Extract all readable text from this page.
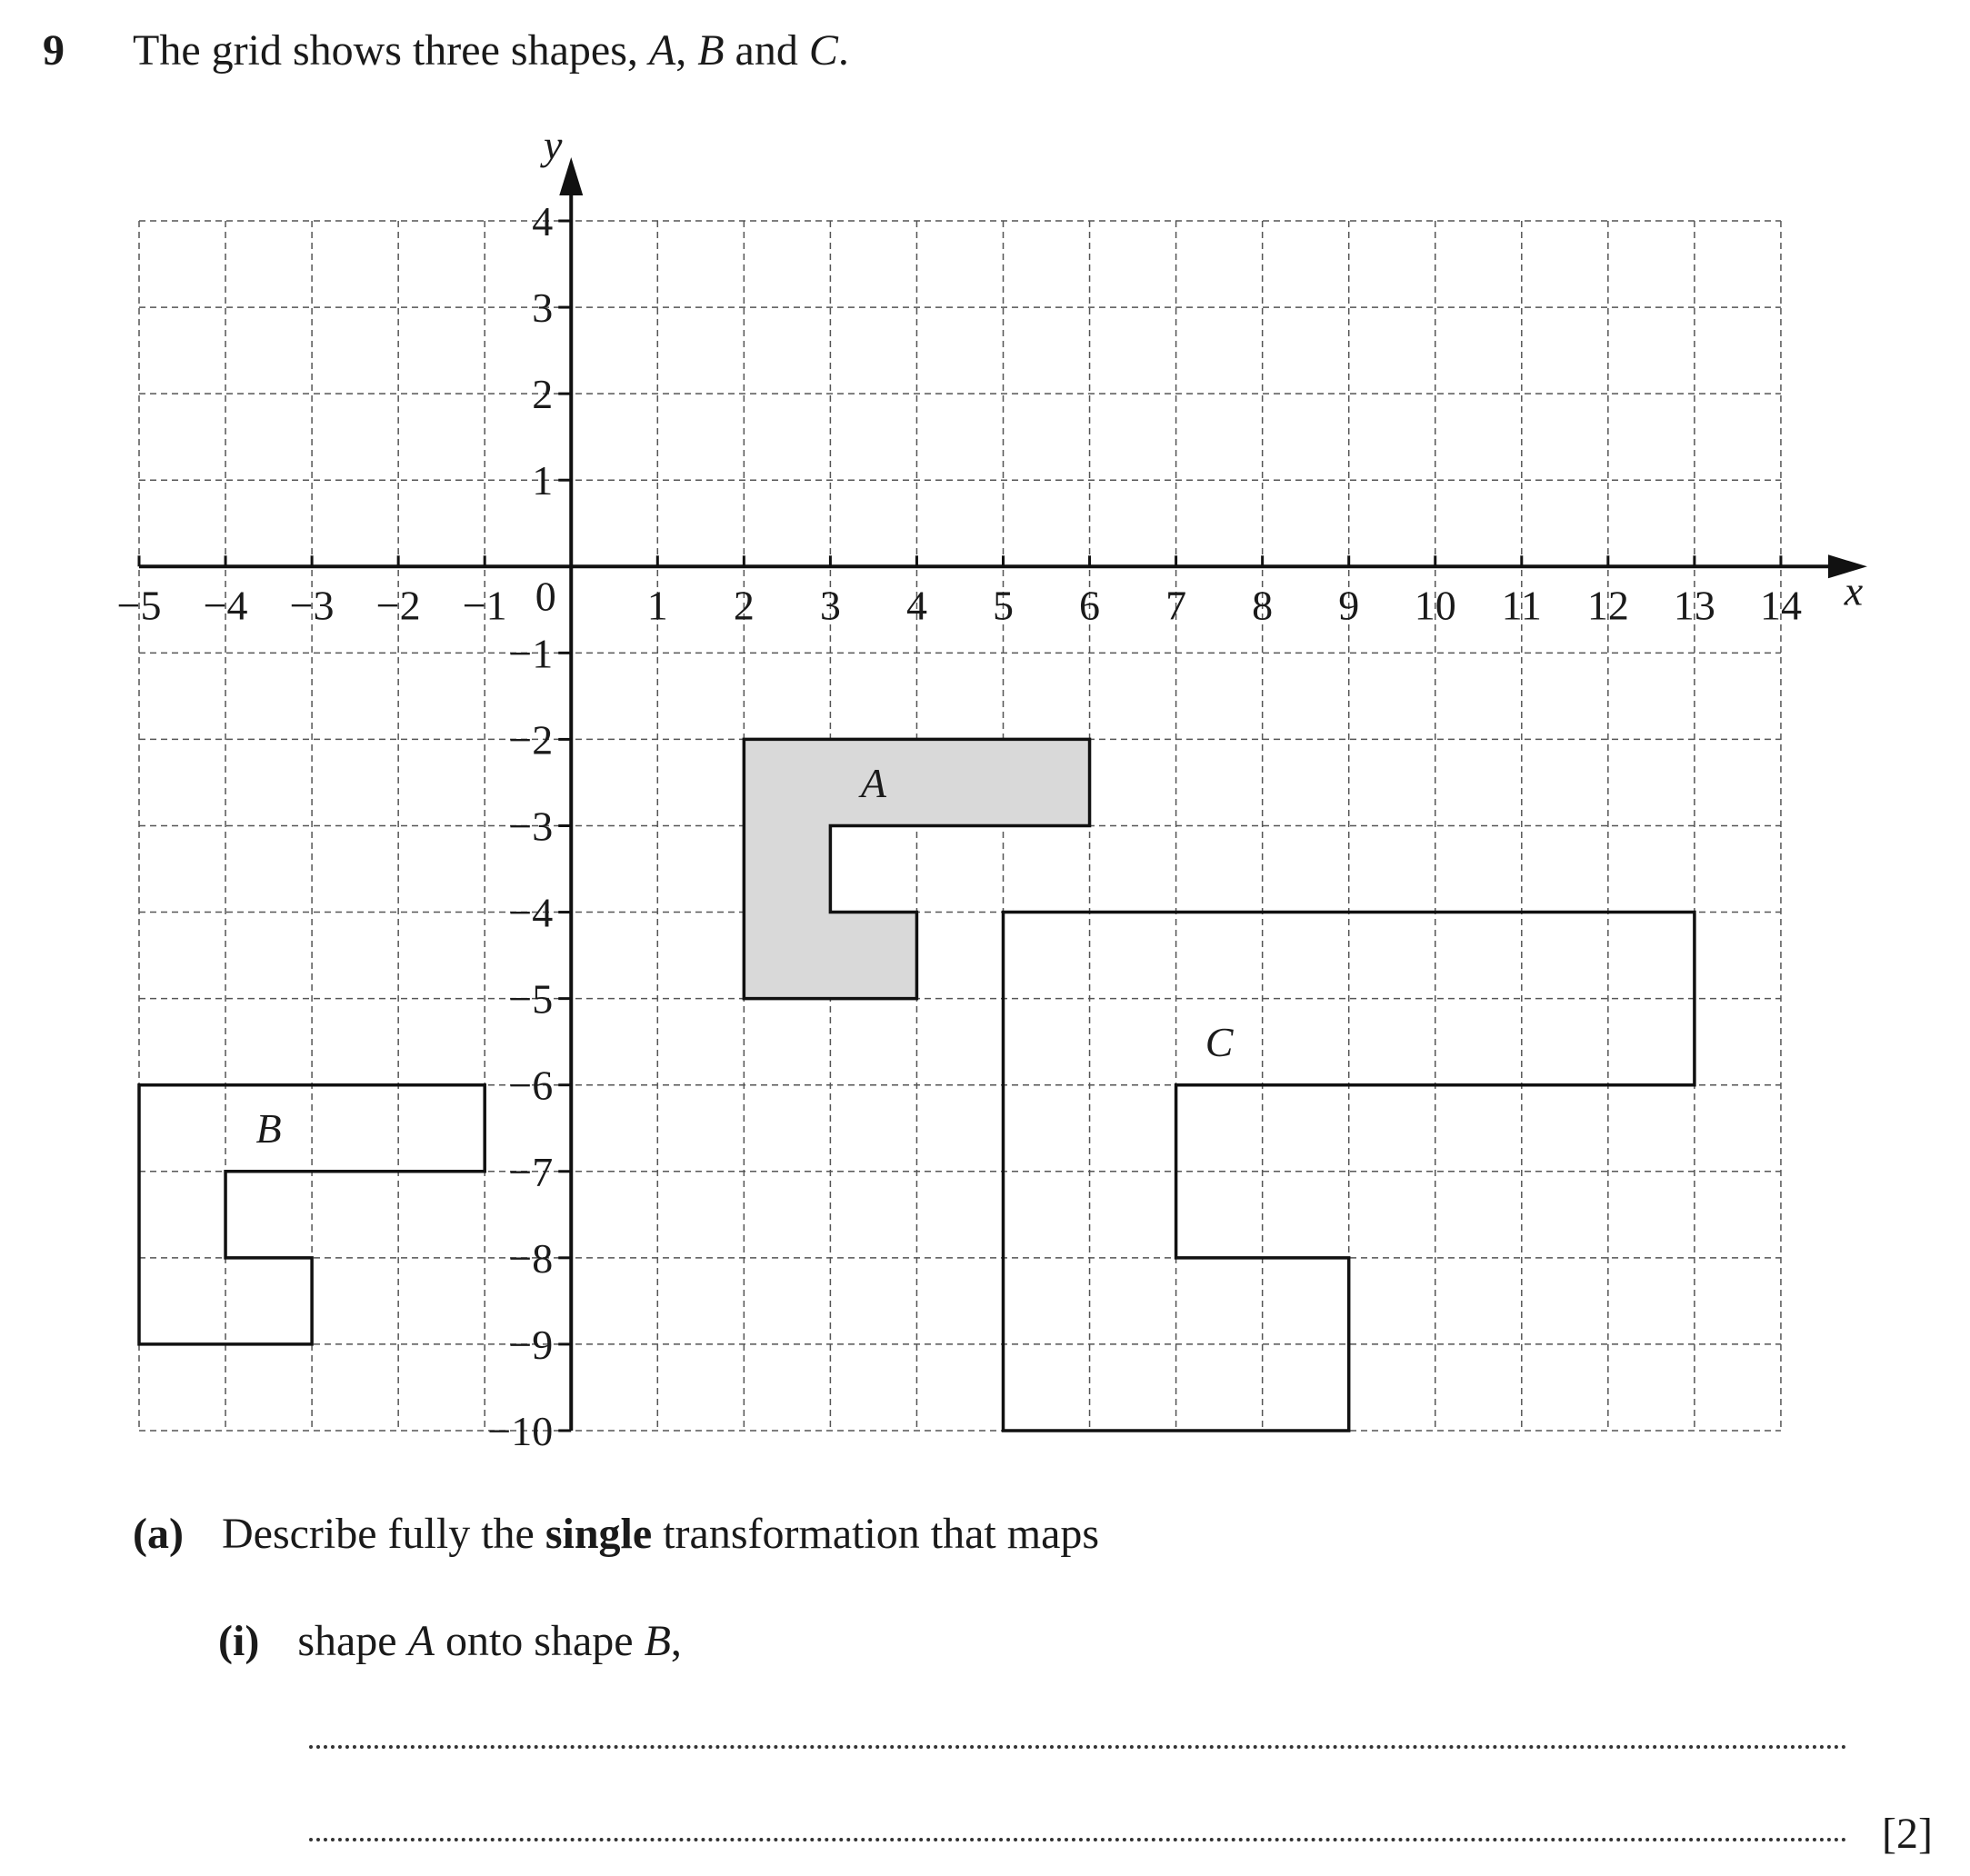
9 The grid shows three shapes, A, B and C.
A
B
C
−5 −4 −3 −2 −1	1 2 3 4 5 6 7 8 9 10 11 12 13 14
4
3
2
1
−1
−2
−3
−4
−5
−6
−7
−8
−9
−10
0	x
y
(a) Describe fully the single transformation that maps
(i) shape A onto shape B,
[2]
